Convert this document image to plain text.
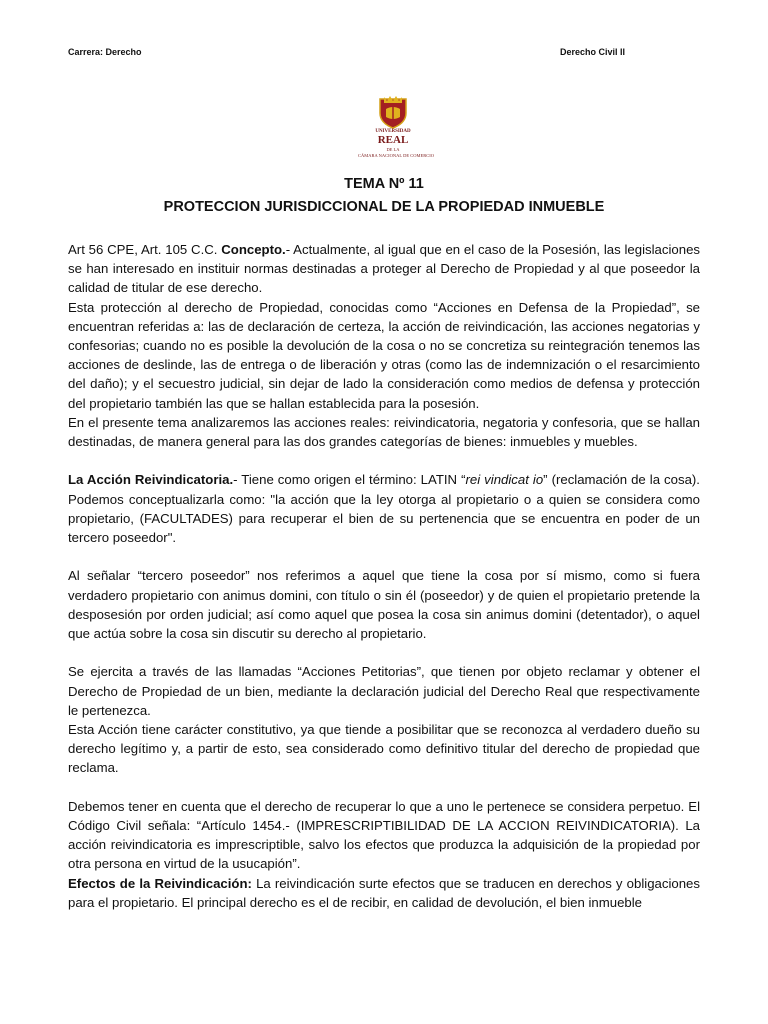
Carrera: Derecho	Derecho Civil II
UNIVERSIDAD
REAL
DE LA
CÁMARA NACIONAL DE COMERCIO
TEMA Nº 11
PROTECCION JURISDICCIONAL DE LA PROPIEDAD INMUEBLE

Art 56 CPE, Art. 105 C.C. Concepto.- Actualmente, al igual que en el caso de la Posesión, las legislaciones se han interesado en instituir normas destinadas a proteger al Derecho de Propiedad y al que poseedor la calidad de titular de ese derecho.

Esta protección al derecho de Propiedad, conocidas como “Acciones en Defensa de la Propiedad”, se encuentran referidas a: las de declaración de certeza, la acción de reivindicación, las acciones negatorias y confesorias; cuando no es posible la devolución de la cosa o no se concretiza su reintegración tenemos las acciones de deslinde, las de entrega o de liberación y otras (como las de indemnización o el resarcimiento del daño); y el secuestro judicial, sin dejar de lado la consideración como medios de defensa y protección del propietario también las que se hallan establecida para la posesión.

En el presente tema analizaremos las acciones reales: reivindicatoria, negatoria y confesoria, que se hallan destinadas, de manera general para las dos grandes categorías de bienes: inmuebles y muebles.

La Acción Reivindicatoria.- Tiene como origen el término: LATIN “rei vindicat io” (reclamación de la cosa). Podemos conceptualizarla como: "la acción que la ley otorga al propietario o a quien se considera como propietario, (FACULTADES) para recuperar el bien de su pertenencia que se encuentra en poder de un tercero poseedor".

Al señalar “tercero poseedor” nos referimos a aquel que tiene la cosa por sí mismo, como si fuera verdadero propietario con animus domini, con título o sin él (poseedor) y de quien el propietario pretende la desposesión por orden judicial; así como aquel que posea la cosa sin animus domini (detentador), o aquel que actúa sobre la cosa sin discutir su derecho al propietario.

Se ejercita a través de las llamadas “Acciones Petitorias”, que tienen por objeto reclamar y obtener el Derecho de Propiedad de un bien, mediante la declaración judicial del Derecho Real que respectivamente le pertenezca.

Esta Acción tiene carácter constitutivo, ya que tiende a posibilitar que se reconozca al verdadero dueño su derecho legítimo y, a partir de esto, sea considerado como definitivo titular del derecho de propiedad que reclama.

Debemos tener en cuenta que el derecho de recuperar lo que a uno le pertenece se considera perpetuo. El Código Civil señala: “Artículo 1454.- (IMPRESCRIPTIBILIDAD DE LA ACCION REIVINDICATORIA). La acción reivindicatoria es imprescriptible, salvo los efectos que produzca la adquisición de la propiedad por otra persona en virtud de la usucapión”.

Efectos de la Reivindicación: La reivindicación surte efectos que se traducen en derechos y obligaciones para el propietario. El principal derecho es el de recibir, en calidad de devolución, el bien inmueble
